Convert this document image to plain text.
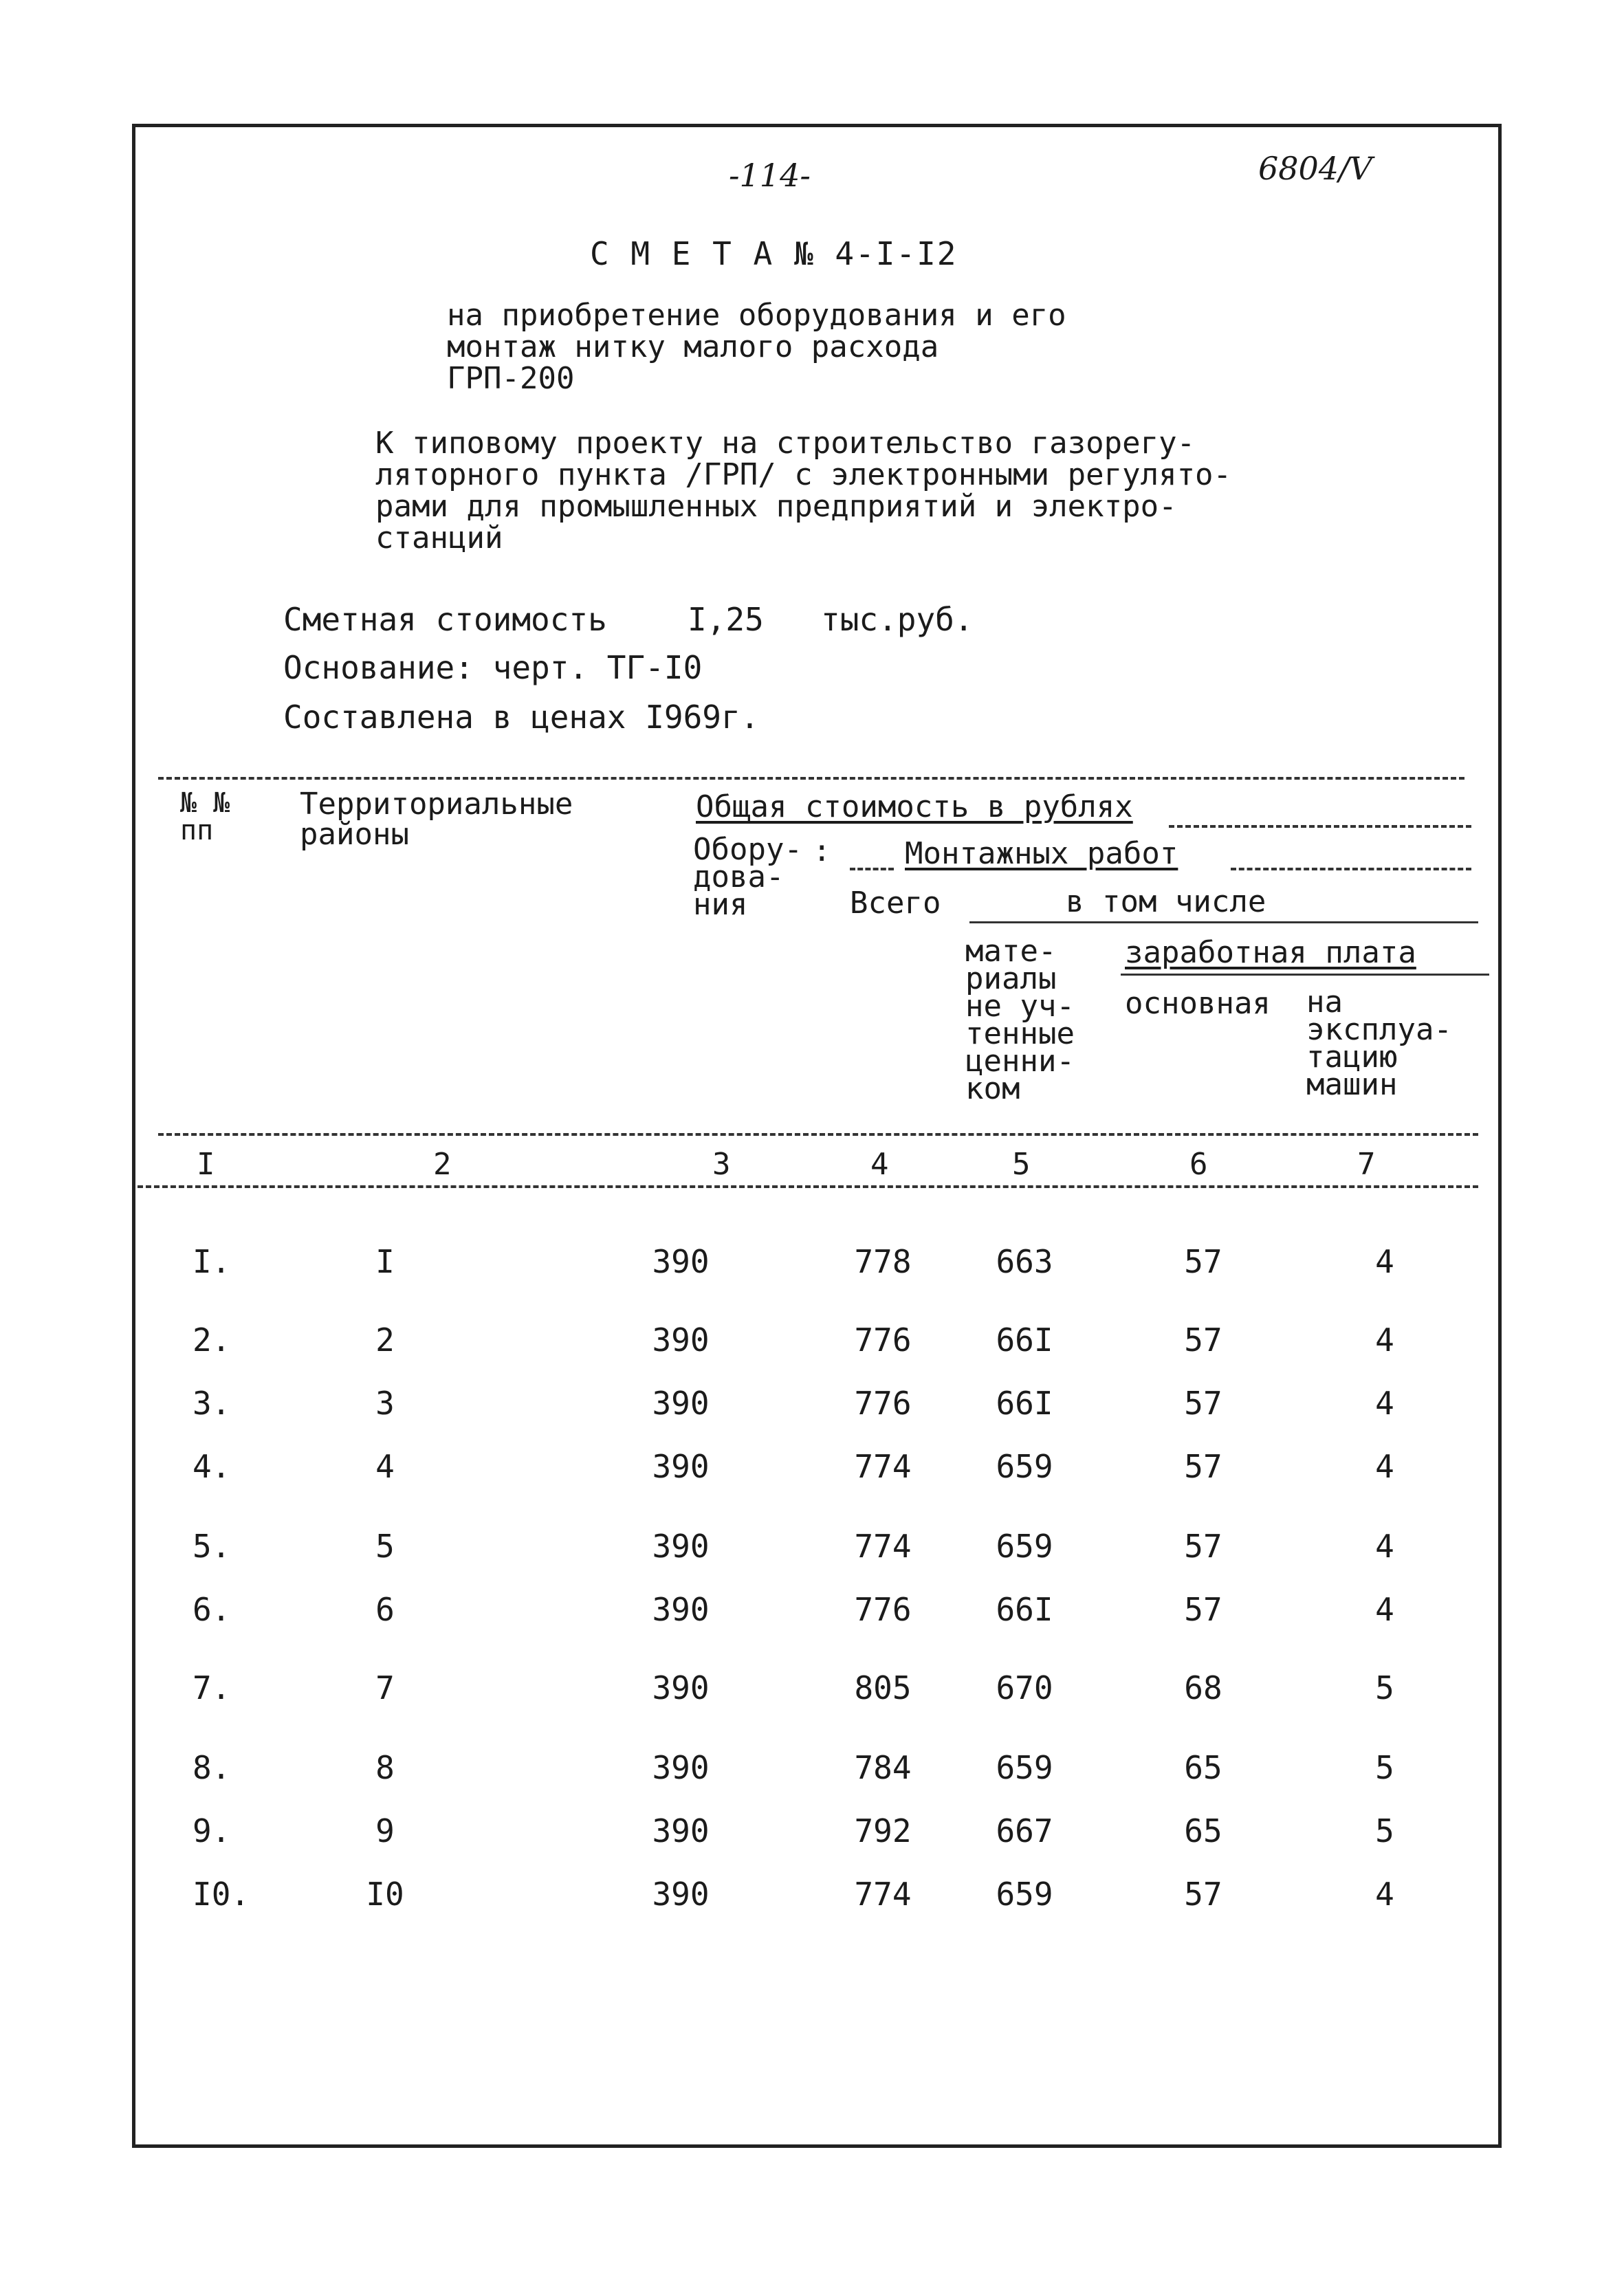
-114-	6804/V
С М Е Т А № 4-I-I2
на приобретение оборудования и его
монтаж нитку малого расхода
ГРП-200
К типовому проекту на строительство газорегу-
ляторного пункта /ГРП/ с электронными регулято-
рами для промышленных предприятий и электро-
станций
Сметная стоимость	I,25 тыс.руб.
Основание: черт. ТГ-I0
Составлена в ценах I969г.
№ №
пп
Территориальные
районы
Общая стоимость в рублях
Обору-
дова-
ния
: Монтажных работ
Всего	в том числе
мате-
риалы
не уч-
тенные
ценни-
ком
заработная плата
основная на
эксплуа-
тацию
машин
I	2	3	4	5	6	7
I.	I	390	778	663	57	4
2.	2	390	776	66I	57	4
3.	3	390	776	66I	57	4
4.	4	390	774	659	57	4
5.	5	390	774	659	57	4
6.	6	390	776	66I	57	4
7.	7	390	805	670	68	5
8.	8	390	784	659	65	5
9.	9	390	792	667	65	5
I0.	I0	390	774	659	57	4
